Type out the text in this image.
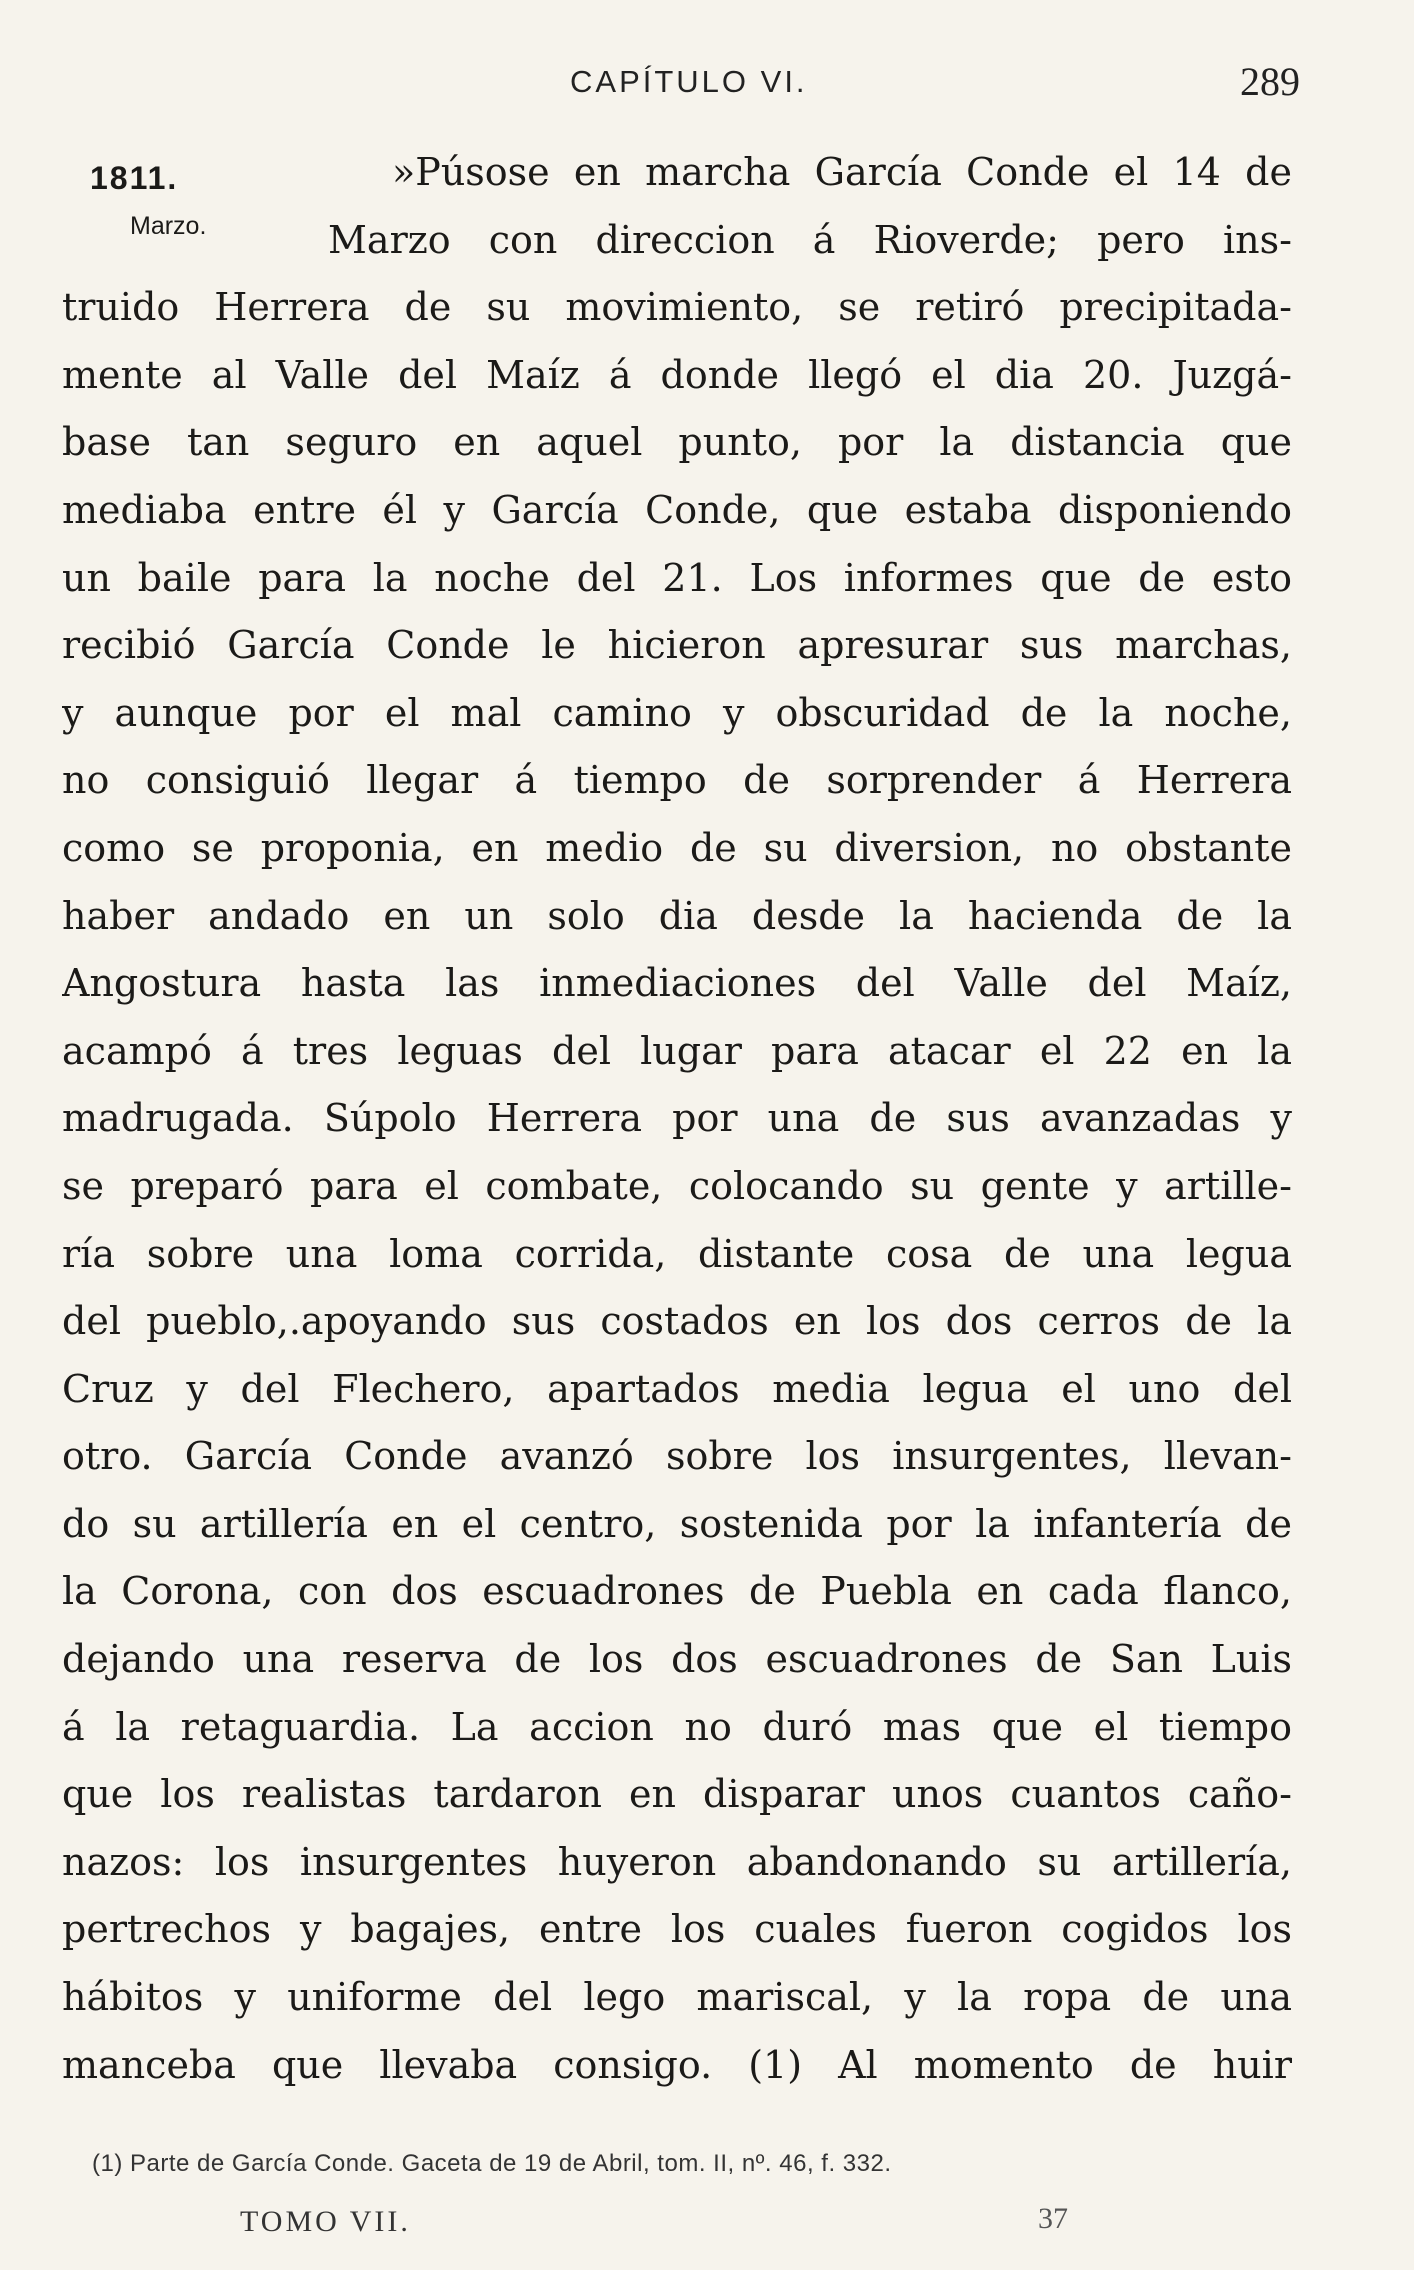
CAPÍTULO VI.	289
1811.
Marzo.
»Púsose en marcha García Conde el 14 de
Marzo con direccion á Rioverde; pero ins-
truido Herrera de su movimiento, se retiró precipitada-
mente al Valle del Maíz á donde llegó el dia 20. Juzgá-
base tan seguro en aquel punto, por la distancia que
mediaba entre él y García Conde, que estaba disponiendo
un baile para la noche del 21. Los informes que de esto
recibió García Conde le hicieron apresurar sus marchas,
y aunque por el mal camino y obscuridad de la noche,
no consiguió llegar á tiempo de sorprender á Herrera
como se proponia, en medio de su diversion, no obstante
haber andado en un solo dia desde la hacienda de la
Angostura hasta las inmediaciones del Valle del Maíz,
acampó á tres leguas del lugar para atacar el 22 en la
madrugada. Súpolo Herrera por una de sus avanzadas y
se preparó para el combate, colocando su gente y artille-
ría sobre una loma corrida, distante cosa de una legua
del pueblo,.apoyando sus costados en los dos cerros de la
Cruz y del Flechero, apartados media legua el uno del
otro. García Conde avanzó sobre los insurgentes, llevan-
do su artillería en el centro, sostenida por la infantería de
la Corona, con dos escuadrones de Puebla en cada flanco,
dejando una reserva de los dos escuadrones de San Luis
á la retaguardia. La accion no duró mas que el tiempo
que los realistas tardaron en disparar unos cuantos caño-
nazos: los insurgentes huyeron abandonando su artillería,
pertrechos y bagajes, entre los cuales fueron cogidos los
hábitos y uniforme del lego mariscal, y la ropa de una
manceba que llevaba consigo. (1) Al momento de huir
(1) Parte de García Conde. Gaceta de 19 de Abril, tom. II, nº. 46, f. 332.
TOMO VII.	37
